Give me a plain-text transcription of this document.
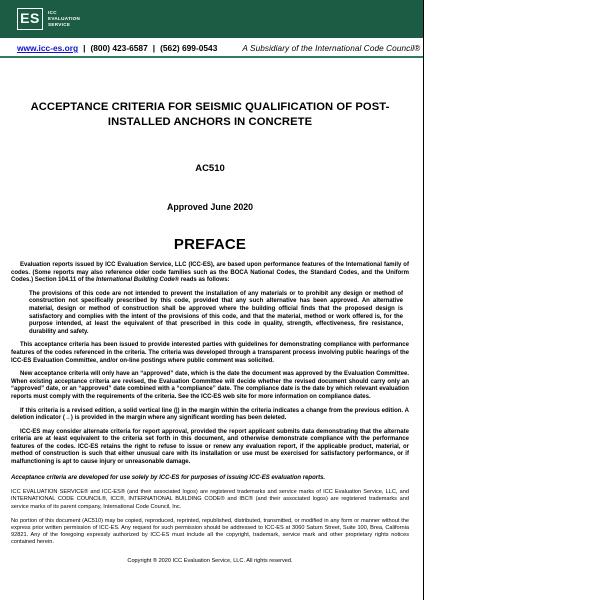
ES	ICC
EVALUATION
SERVICE
www.icc-es.org | (800) 423-6587 | (562) 699-0543	A Subsidiary of the International Code Council®
ACCEPTANCE CRITERIA FOR SEISMIC QUALIFICATION OF POST-INSTALLED ANCHORS IN CONCRETE
AC510
Approved June 2020
PREFACE

Evaluation reports issued by ICC Evaluation Service, LLC (ICC-ES), are based upon performance features of the International family of codes. (Some reports may also reference older code families such as the BOCA National Codes, the Standard Codes, and the Uniform Codes.) Section 104.11 of the International Building Code® reads as follows:

The provisions of this code are not intended to prevent the installation of any materials or to prohibit any design or method of construction not specifically prescribed by this code, provided that any such alternative has been approved. An alternative material, design or method of construction shall be approved where the building official finds that the proposed design is satisfactory and complies with the intent of the provisions of this code, and that the material, method or work offered is, for the purpose intended, at least the equivalent of that prescribed in this code in quality, strength, effectiveness, fire resistance, durability and safety.

This acceptance criteria has been issued to provide interested parties with guidelines for demonstrating compliance with performance features of the codes referenced in the criteria. The criteria was developed through a transparent process involving public hearings of the ICC-ES Evaluation Committee, and/or on-line postings where public comment was solicited.

New acceptance criteria will only have an “approved” date, which is the date the document was approved by the Evaluation Committee. When existing acceptance criteria are revised, the Evaluation Committee will decide whether the revised document should carry only an “approved” date, or an “approved” date combined with a “compliance” date. The compliance date is the date by which relevant evaluation reports must comply with the requirements of the criteria. See the ICC-ES web site for more information on compliance dates.

If this criteria is a revised edition, a solid vertical line (|) in the margin within the criteria indicates a change from the previous edition. A deletion indicator (→) is provided in the margin where any significant wording has been deleted.

ICC-ES may consider alternate criteria for report approval, provided the report applicant submits data demonstrating that the alternate criteria are at least equivalent to the criteria set forth in this document, and otherwise demonstrate compliance with the performance features of the codes. ICC-ES retains the right to refuse to issue or renew any evaluation report, if the applicable product, material, or method of construction is such that either unusual care with its installation or use must be exercised for satisfactory performance, or if malfunctioning is apt to cause injury or unreasonable damage.

Acceptance criteria are developed for use solely by ICC-ES for purposes of issuing ICC-ES evaluation reports.

ICC EVALUATION SERVICE® and ICC-ES® (and their associated logos) are registered trademarks and service marks of ICC Evaluation Service, LLC, and INTERNATIONAL CODE COUNCIL®, ICC®, INTERNATIONAL BUILDING CODE® and IBC® (and their associated logos) are registered trademarks and service marks of its parent company, International Code Council, Inc.

No portion of this document (AC510) may be copied, reproduced, reprinted, republished, distributed, transmitted, or modified in any form or manner without the express prior written permission of ICC-ES. Any request for such permission should be addressed to ICC-ES at 3060 Saturn Street, Suite 100, Brea, California 92821. Any of the foregoing expressly authorized by ICC-ES must include all the copyright, trademark, service mark and other proprietary rights notices contained herein.

Copyright ® 2020 ICC Evaluation Service, LLC. All rights reserved.
